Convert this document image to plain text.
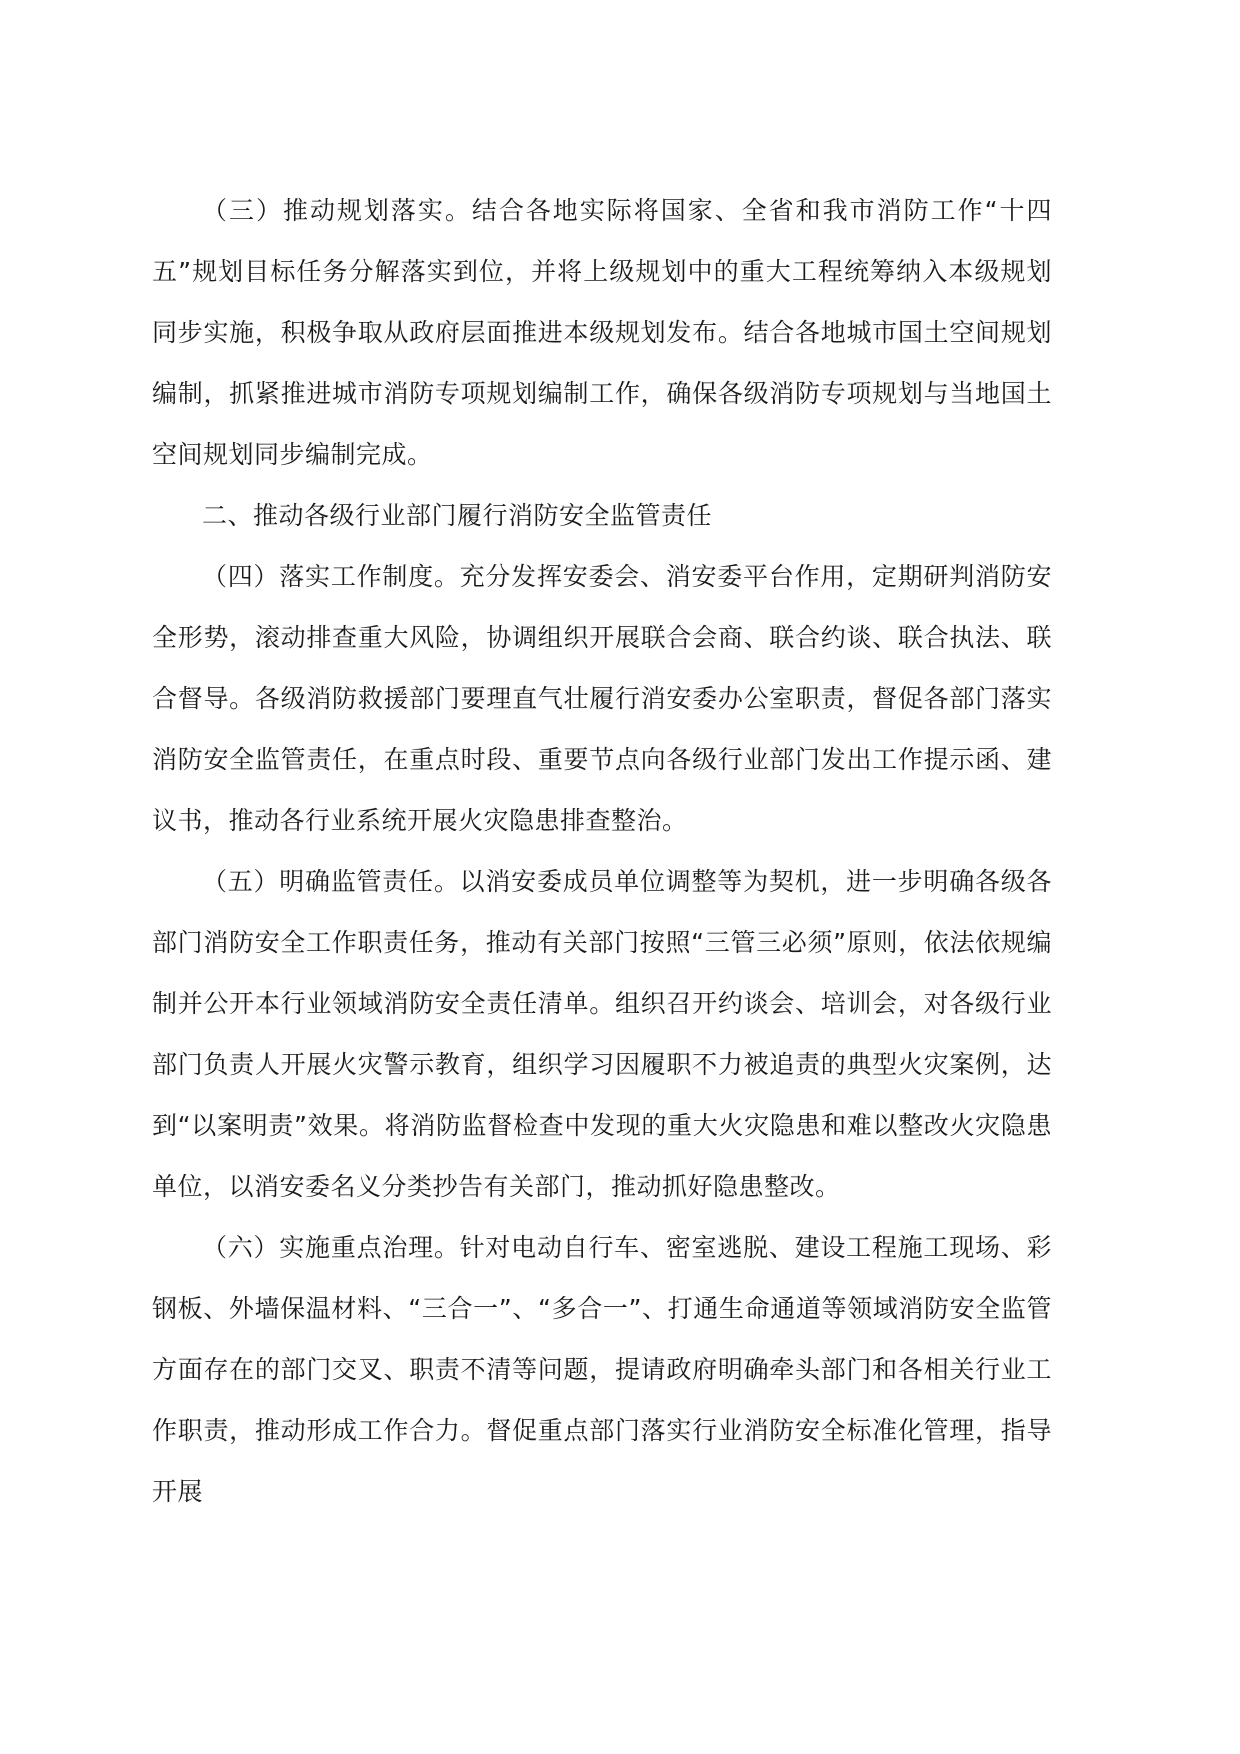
（三）推动规划落实。结合各地实际将国家、全省和我市消防工作“十四五”规划目标任务分解落实到位，并将上级规划中的重大工程统筹纳入本级规划同步实施，积极争取从政府层面推进本级规划发布。结合各地城市国土空间规划编制，抓紧推进城市消防专项规划编制工作，确保各级消防专项规划与当地国土空间规划同步编制完成。

二、推动各级行业部门履行消防安全监管责任

（四）落实工作制度。充分发挥安委会、消安委平台作用，定期研判消防安全形势，滚动排查重大风险，协调组织开展联合会商、联合约谈、联合执法、联合督导。各级消防救援部门要理直气壮履行消安委办公室职责，督促各部门落实消防安全监管责任，在重点时段、重要节点向各级行业部门发出工作提示函、建议书，推动各行业系统开展火灾隐患排查整治。

（五）明确监管责任。以消安委成员单位调整等为契机，进一步明确各级各部门消防安全工作职责任务，推动有关部门按照“三管三必须”原则，依法依规编制并公开本行业领域消防安全责任清单。组织召开约谈会、培训会，对各级行业部门负责人开展火灾警示教育，组织学习因履职不力被追责的典型火灾案例，达到“以案明责”效果。将消防监督检查中发现的重大火灾隐患和难以整改火灾隐患单位，以消安委名义分类抄告有关部门，推动抓好隐患整改。

（六）实施重点治理。针对电动自行车、密室逃脱、建设工程施工现场、彩钢板、外墙保温材料、“三合一”、“多合一”、打通生命通道等领域消防安全监管方面存在的部门交叉、职责不清等问题，提请政府明确牵头部门和各相关行业工作职责，推动形成工作合力。督促重点部门落实行业消防安全标准化管理，指导开展
